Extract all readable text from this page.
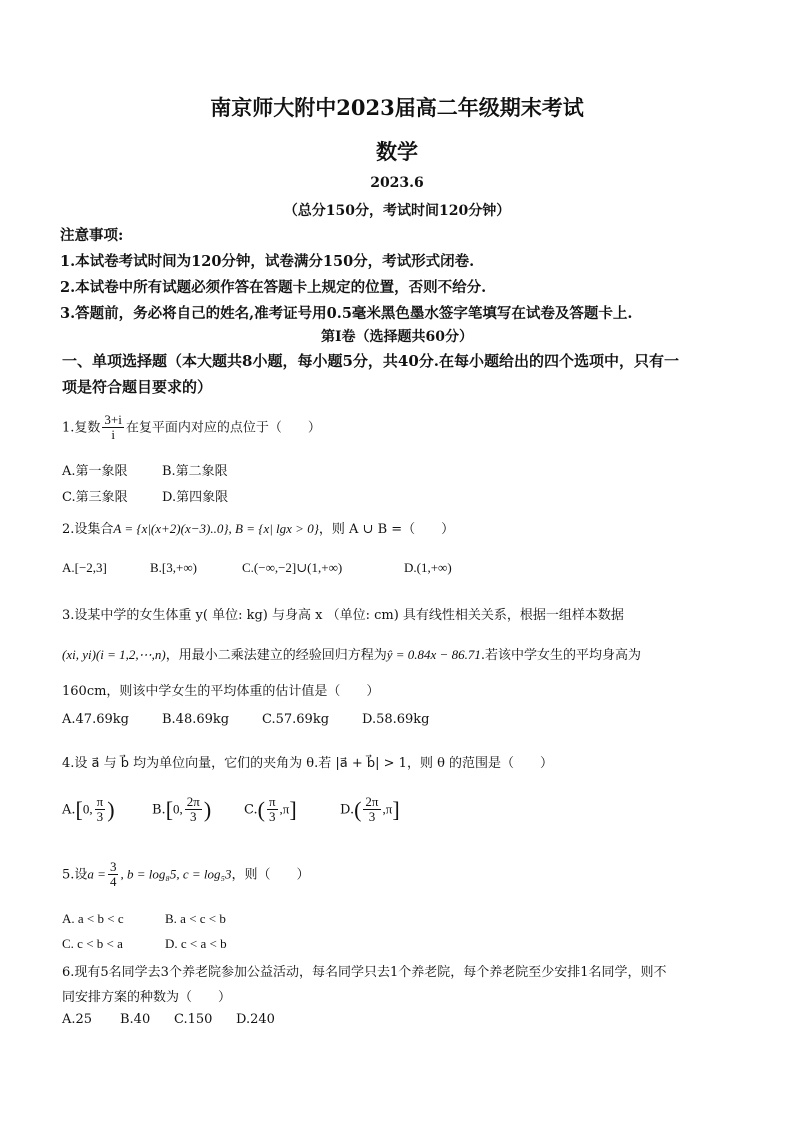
南京师大附中2023届高二年级期末考试
数学
2023.6
（总分150分，考试时间120分钟）
注意事项:
1.本试卷考试时间为120分钟，试卷满分150分，考试形式闭卷.
2.本试卷中所有试题必须作答在答题卡上规定的位置，否则不给分.
3.答题前，务必将自己的姓名,准考证号用0.5毫米黑色墨水签字笔填写在试卷及答题卡上.
第I卷（选择题共60分）
一、单项选择题（本大题共8小题，每小题5分，共40分.在每小题给出的四个选项中，只有一
项是符合题目要求的）
1.复数 $\frac{3+i}{i}$ 在复平面内对应的点位于（　　）
A.第一象限	B.第二象限
C.第三象限	D.第四象限
2.设集合A = {x|(x+2)(x−3)..0}, B = {x| lgx > 0}，则 A ∪ B =（　　）
A.[−2,3]	B.[3,+∞)	C.(−∞,−2]∪(1,+∞)	D.(1,+∞)
3.设某中学的女生体重 y( 单位: kg) 与身高 x （单位: cm) 具有线性相关关系，根据一组样本数据
(xi, yi)(i = 1,2,⋯,n)，用最小二乘法建立的经验回归方程为ŷ = 0.84x − 86.71.若该中学女生的平均身高为
160cm，则该中学女生的平均体重的估计值是（　　）
A.47.69kg	B.48.69kg	C.57.69kg	D.58.69kg
4.设 a⃗ 与 b⃗ 均为单位向量，它们的夹角为 θ.若 |a⃗ + b⃗| > 1，则 θ 的范围是（　　）
A.[0, $\frac{\pi}{3}$ )	B.[0, $\frac{2\pi}{3}$ )	$C.( \frac{\pi}{3} ,\pi]$	$D.( \frac{2\pi}{3} ,\pi]$
5.设$a = \frac{3}{4}$ , b = log₈5, c = log₅3，则（　　）
A. a < b < c	B. a < c < b
C. c < b < a	D. c < a < b
6.现有5名同学去3个养老院参加公益活动，每名同学只去1个养老院，每个养老院至少安排1名同学，则不
同安排方案的种数为（　　）
A.25 B.40 C.150 D.240
